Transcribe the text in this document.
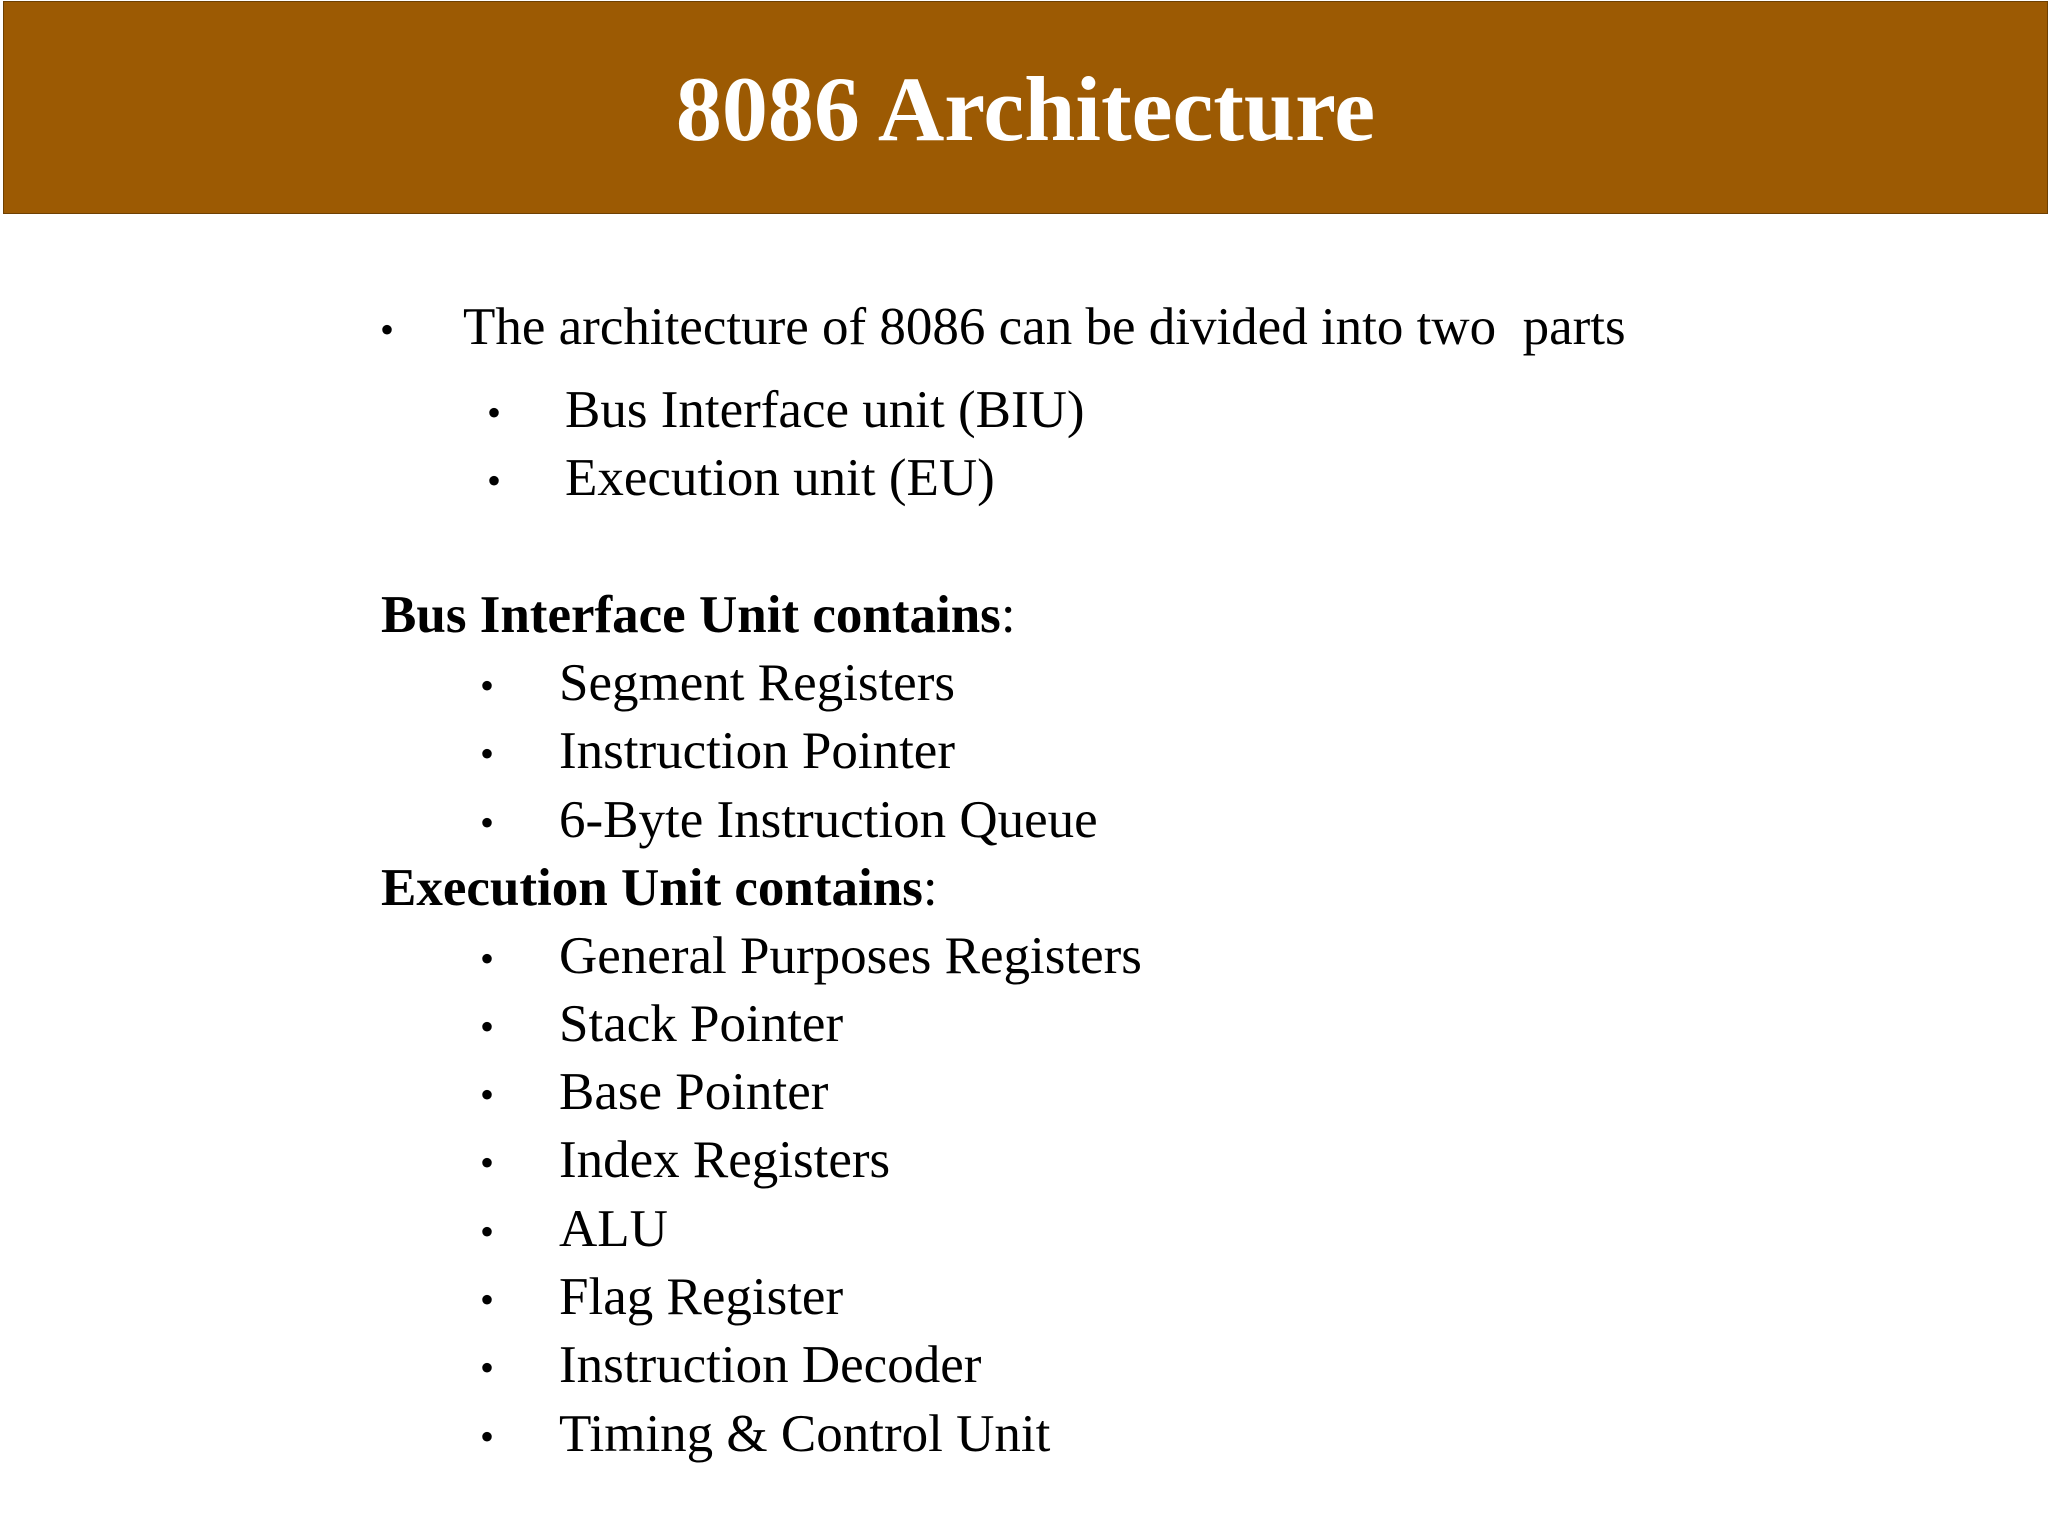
8086 Architecture
• The architecture of 8086 can be divided into two  parts
• Bus Interface unit (BIU)
• Execution unit (EU)
Bus Interface Unit contains:
• Segment Registers
• Instruction Pointer
• 6-Byte Instruction Queue
Execution Unit contains:
• General Purposes Registers
• Stack Pointer
• Base Pointer
• Index Registers
• ALU
• Flag Register
• Instruction Decoder
• Timing & Control Unit
